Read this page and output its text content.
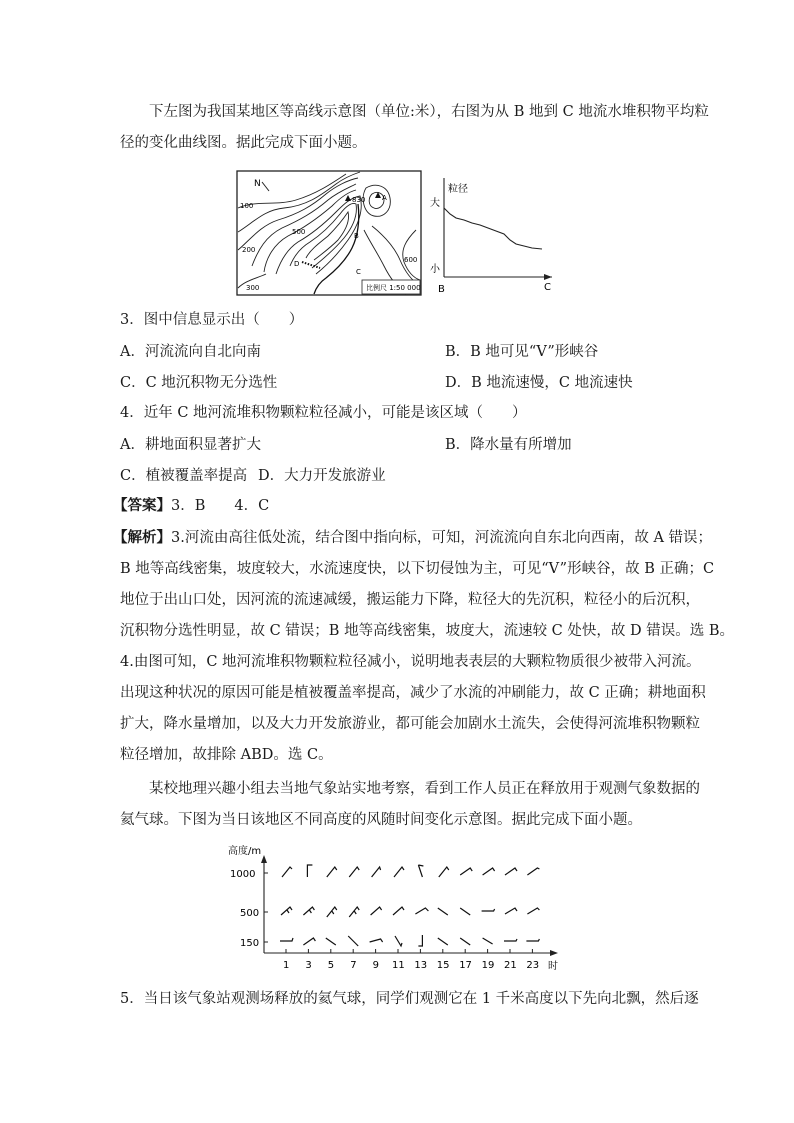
下左图为我国某地区等高线示意图（单位:米），右图为从 B 地到 C 地流水堆积物平均粒
径的变化曲线图。据此完成下面小题。
N
100
200
300
500
600
830 A
B
C
D
比例尺 1:50 000
粒径
大
小
B	C
3．图中信息显示出（　　）
A．河流流向自北向南	B．B 地可见“V”形峡谷
C．C 地沉积物无分选性	D．B 地流速慢，C 地流速快
4．近年 C 地河流堆积物颗粒粒径减小，可能是该区域（　　）
A．耕地面积显著扩大	B．降水量有所增加
C．植被覆盖率提高 D．大力开发旅游业
【答案】3．B　　4．C
【解析】3.河流由高往低处流，结合图中指向标，可知，河流流向自东北向西南，故 A 错误；
B 地等高线密集，坡度较大，水流速度快，以下切侵蚀为主，可见“V”形峡谷，故 B 正确；C
地位于出山口处，因河流的流速减缓，搬运能力下降，粒径大的先沉积，粒径小的后沉积，
沉积物分选性明显，故 C 错误；B 地等高线密集，坡度大，流速较 C 处快，故 D 错误。选 B。
4.由图可知，C 地河流堆积物颗粒粒径减小，说明地表表层的大颗粒物质很少被带入河流。
出现这种状况的原因可能是植被覆盖率提高，减少了水流的冲刷能力，故 C 正确；耕地面积
扩大，降水量增加，以及大力开发旅游业，都可能会加剧水土流失，会使得河流堆积物颗粒
粒径增加，故排除 ABD。选 C。
某校地理兴趣小组去当地气象站实地考察，看到工作人员正在释放用于观测气象数据的
氦气球。下图为当日该地区不同高度的风随时间变化示意图。据此完成下面小题。
高度/m
1000
500
150
1 3 5 7 9 11 13 15 17 19 21 23 时
5．当日该气象站观测场释放的氦气球，同学们观测它在 1 千米高度以下先向北飘，然后逐
